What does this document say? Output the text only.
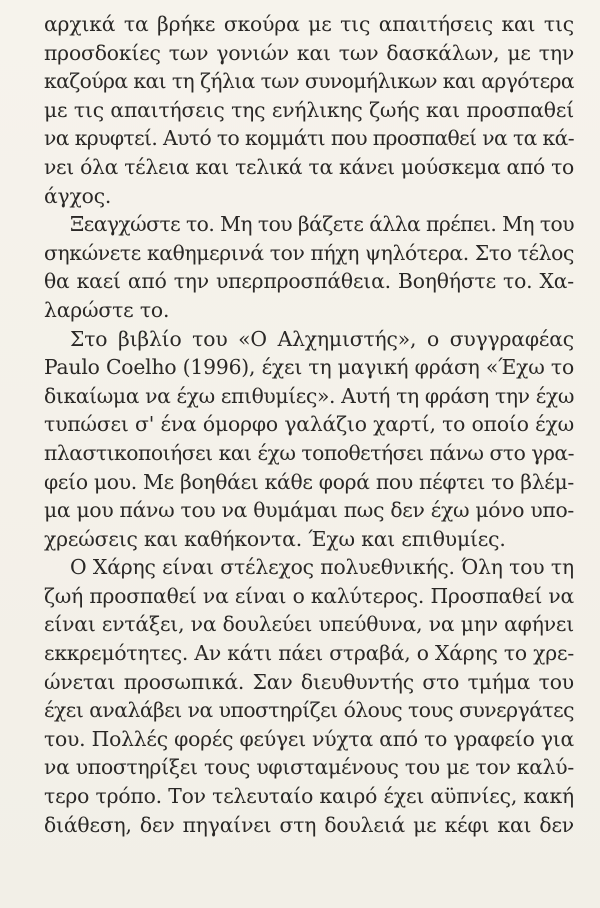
αρχικά τα βρήκε σκούρα με τις απαιτήσεις και τις
προσδοκίες των γονιών και των δασκάλων, με την
καζούρα και τη ζήλια των συνομήλικων και αργότερα
με τις απαιτήσεις της ενήλικης ζωής και προσπαθεί
να κρυφτεί. Αυτό το κομμάτι που προσπαθεί να τα κά-
νει όλα τέλεια και τελικά τα κάνει μούσκεμα από το
άγχος.
Ξεαγχώστε το. Μη του βάζετε άλλα πρέπει. Μη του
σηκώνετε καθημερινά τον πήχη ψηλότερα. Στο τέλος
θα καεί από την υπερπροσπάθεια. Βοηθήστε το. Χα-
λαρώστε το.
Στο βιβλίο του «Ο Αλχημιστής», ο συγγραφέας
Paulo Coelho (1996), έχει τη μαγική φράση «Έχω το
δικαίωμα να έχω επιθυμίες». Αυτή τη φράση την έχω
τυπώσει σ' ένα όμορφο γαλάζιο χαρτί, το οποίο έχω
πλαστικοποιήσει και έχω τοποθετήσει πάνω στο γρα-
φείο μου. Με βοηθάει κάθε φορά που πέφτει το βλέμ-
μα μου πάνω του να θυμάμαι πως δεν έχω μόνο υπο-
χρεώσεις και καθήκοντα. Έχω και επιθυμίες.
Ο Χάρης είναι στέλεχος πολυεθνικής. Όλη του τη
ζωή προσπαθεί να είναι ο καλύτερος. Προσπαθεί να
είναι εντάξει, να δουλεύει υπεύθυνα, να μην αφήνει
εκκρεμότητες. Αν κάτι πάει στραβά, ο Χάρης το χρε-
ώνεται προσωπικά. Σαν διευθυντής στο τμήμα του
έχει αναλάβει να υποστηρίζει όλους τους συνεργάτες
του. Πολλές φορές φεύγει νύχτα από το γραφείο για
να υποστηρίξει τους υφισταμένους του με τον καλύ-
τερο τρόπο. Τον τελευταίο καιρό έχει αϋπνίες, κακή
διάθεση, δεν πηγαίνει στη δουλειά με κέφι και δεν
